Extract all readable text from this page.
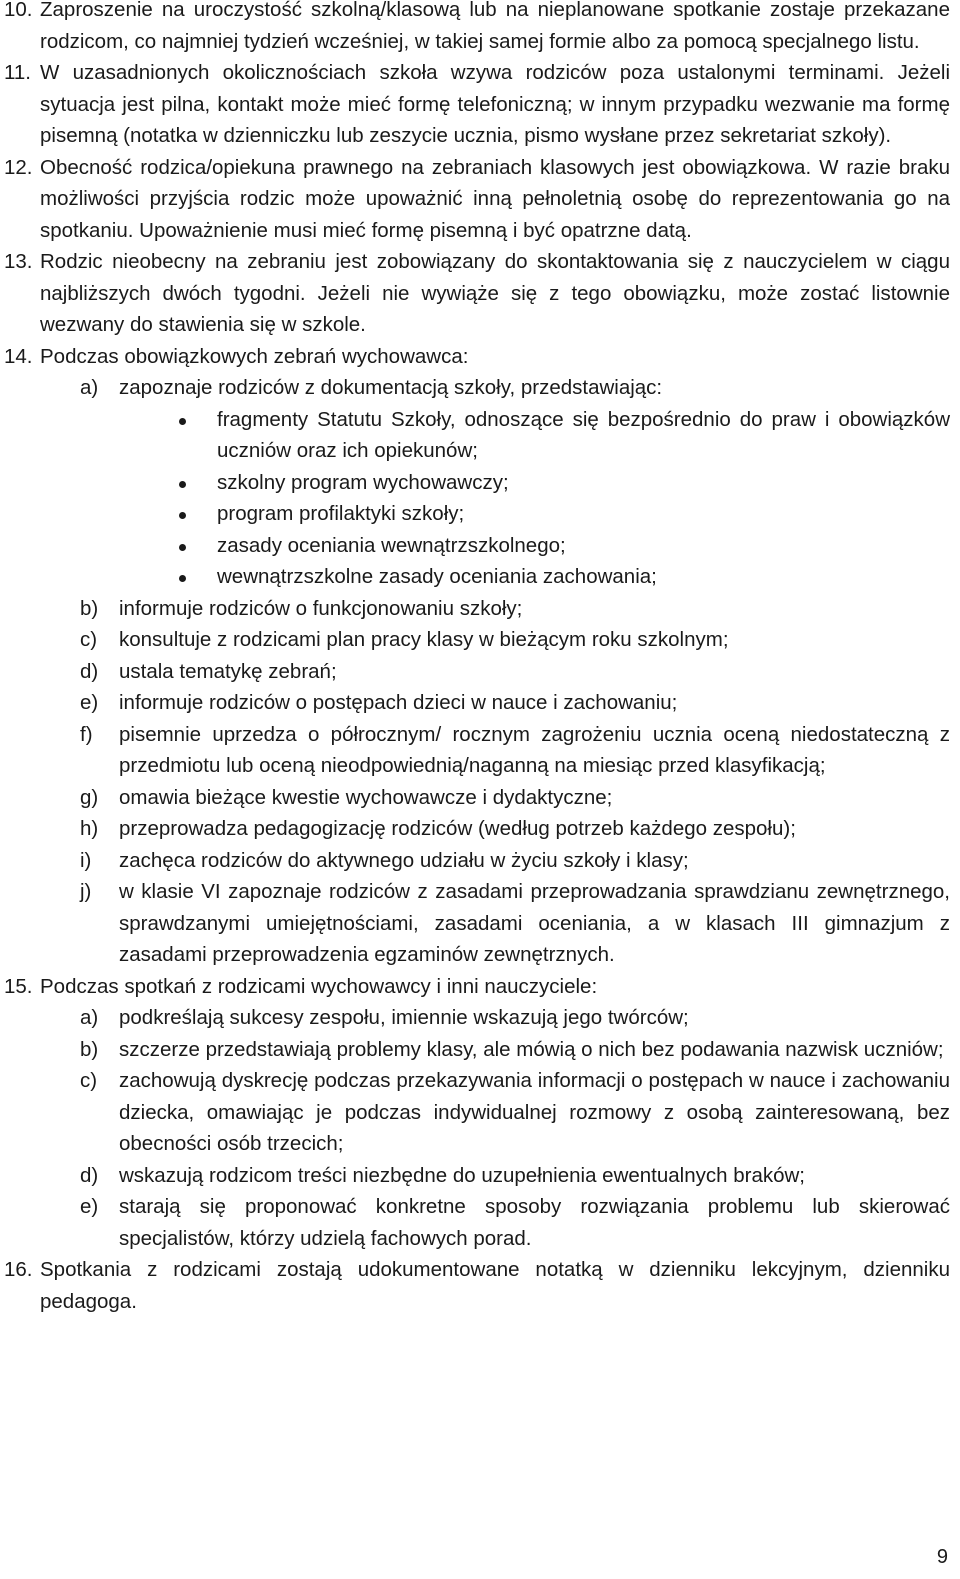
10. Zaproszenie na uroczystość szkolną/klasową lub na nieplanowane spotkanie zostaje przekazane rodzicom, co najmniej tydzień wcześniej, w takiej samej formie albo za pomocą specjalnego listu.
11. W uzasadnionych okolicznościach szkoła wzywa rodziców poza ustalonymi terminami. Jeżeli sytuacja jest pilna, kontakt może mieć formę telefoniczną; w innym przypadku wezwanie ma formę pisemną (notatka w dzienniczku lub zeszycie ucznia, pismo wysłane przez sekretariat szkoły).
12. Obecność rodzica/opiekuna prawnego na zebraniach klasowych jest obowiązkowa. W razie braku możliwości przyjścia rodzic może upoważnić inną pełnoletnią osobę do reprezentowania go na spotkaniu. Upoważnienie musi mieć formę pisemną i być opatrzne datą.
13. Rodzic nieobecny na zebraniu jest zobowiązany do skontaktowania się z nauczycielem w ciągu najbliższych dwóch tygodni. Jeżeli nie wywiąże się z tego obowiązku, może zostać listownie wezwany do stawienia się w szkole.
14. Podczas obowiązkowych zebrań wychowawca:
a) zapoznaje rodziców z dokumentacją szkoły, przedstawiając:
fragmenty Statutu Szkoły, odnoszące się bezpośrednio do praw i obowiązków uczniów oraz ich opiekunów;
szkolny program wychowawczy;
program profilaktyki szkoły;
zasady oceniania wewnątrzszkolnego;
wewnątrzszkolne zasady oceniania zachowania;
b) informuje rodziców o funkcjonowaniu szkoły;
c) konsultuje z rodzicami plan pracy klasy w bieżącym roku szkolnym;
d) ustala tematykę zebrań;
e) informuje rodziców o postępach dzieci w nauce i zachowaniu;
f) pisemnie uprzedza o półrocznym/ rocznym zagrożeniu ucznia oceną niedostateczną z przedmiotu lub oceną nieodpowiednią/naganną na miesiąc przed klasyfikacją;
g) omawia bieżące kwestie wychowawcze i dydaktyczne;
h) przeprowadza pedagogizację rodziców (według potrzeb każdego zespołu);
i) zachęca rodziców do aktywnego udziału w życiu szkoły i klasy;
j) w klasie VI zapoznaje rodziców z zasadami przeprowadzania sprawdzianu zewnętrznego, sprawdzanymi umiejętnościami, zasadami oceniania, a w klasach III gimnazjum z zasadami przeprowadzenia egzaminów zewnętrznych.
15. Podczas spotkań z rodzicami wychowawcy i inni nauczyciele:
a) podkreślają sukcesy zespołu, imiennie wskazują jego twórców;
b) szczerze przedstawiają problemy klasy, ale mówią o nich bez podawania nazwisk uczniów;
c) zachowują dyskrecję podczas przekazywania informacji o postępach w nauce i zachowaniu dziecka, omawiając je podczas indywidualnej rozmowy z osobą zainteresowaną, bez obecności osób trzecich;
d) wskazują rodzicom treści niezbędne do uzupełnienia ewentualnych braków;
e) starają się proponować konkretne sposoby rozwiązania problemu lub skierować specjalistów, którzy udzielą fachowych porad.
16. Spotkania z rodzicami zostają udokumentowane notatką w dzienniku lekcyjnym, dzienniku pedagoga.
9
